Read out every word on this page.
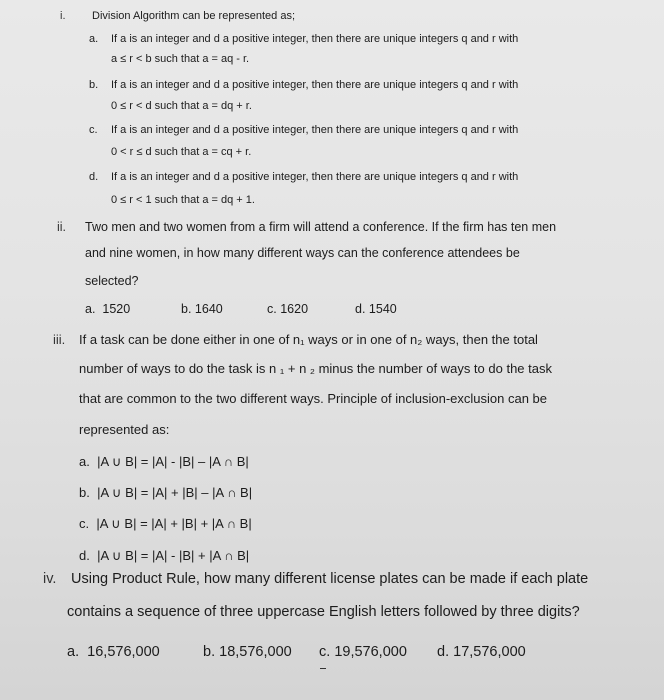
i. Division Algorithm can be represented as;
a. If a is an integer and d a positive integer, then there are unique integers q and r with
a ≤ r < b such that a = aq - r.
b. If a is an integer and d a positive integer, then there are unique integers q and r with
0 ≤ r < d such that a = dq + r.
c. If a is an integer and d a positive integer, then there are unique integers q and r with
0 < r ≤ d such that a = cq + r.
d. If a is an integer and d a positive integer, then there are unique integers q and r with
0 ≤ r < 1 such that a = dq + 1.
ii. Two men and two women from a firm will attend a conference. If the firm has ten men
and nine women, in how many different ways can the conference attendees be
selected?
a. 1520	b. 1640	c. 1620	d. 1540
iii. If a task can be done either in one of n₁ ways or in one of n₂ ways, then the total
number of ways to do the task is n ₁ + n ₂ minus the number of ways to do the task
that are common to the two different ways. Principle of inclusion-exclusion can be
represented as:
a. |A ∪ B| = |A| - |B| – |A ∩ B|
b. |A ∪ B| = |A| + |B| – |A ∩ B|
c. |A ∪ B| = |A| + |B| + |A ∩ B|
d. |A ∪ B| = |A| - |B| + |A ∩ B|
iv. Using Product Rule, how many different license plates can be made if each plate
contains a sequence of three uppercase English letters followed by three digits?
a. 16,576,000	b. 18,576,000 c. 19,576,000 d. 17,576,000
